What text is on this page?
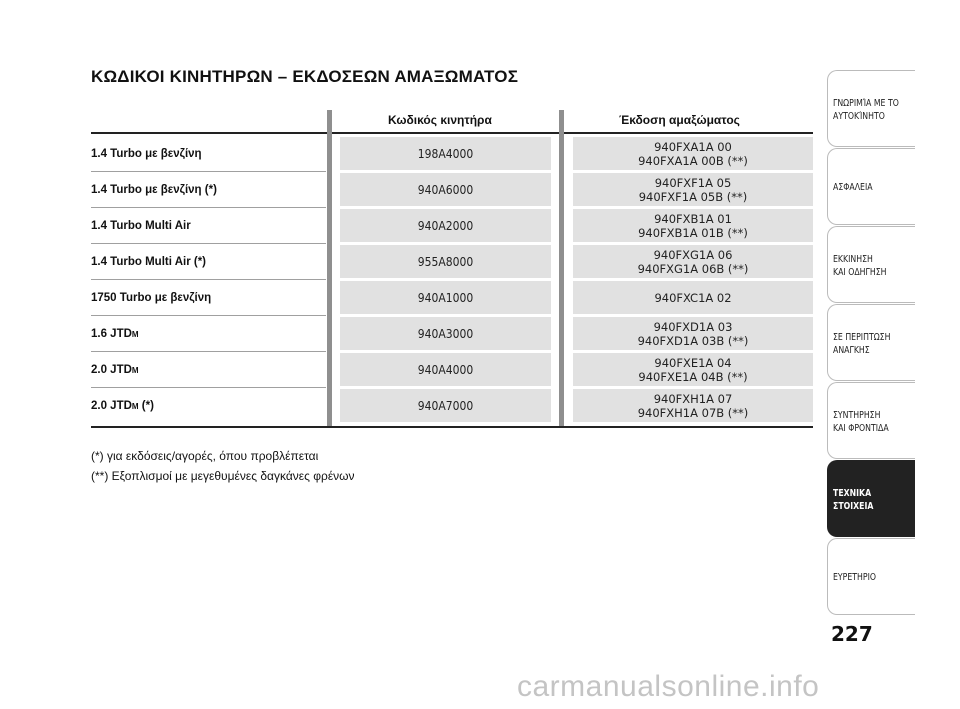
ΚΩΔΙΚΟΙ ΚΙΝΗΤΗΡΩΝ – ΕΚΔΟΣΕΩΝ ΑΜΑΞΩΜΑΤΟΣ
Κωδικός κινητήρα	Έκδοση αμαξώματος
1.4 Turbo με βενζίνη	198A4000	940FXA1A 00
940FXA1A 00B (**)
1.4 Turbo με βενζίνη (*)	940A6000	940FXF1A 05
940FXF1A 05B (**)
1.4 Turbo Multi Air	940A2000	940FXB1A 01
940FXB1A 01B (**)
1.4 Turbo Multi Air (*)	955A8000	940FXG1A 06
940FXG1A 06B (**)
1750 Turbo με βενζίνη	940A1000	940FXC1A 02
1.6 JTDM	940A3000	940FXD1A 03
940FXD1A 03B (**)
2.0 JTDM	940A4000	940FXE1A 04
940FXE1A 04B (**)
2.0 JTDM (*)	940A7000	940FXH1A 07
940FXH1A 07B (**)
(*) για εκδόσεις/αγορές, όπου προβλέπεται
(**) Εξοπλισμοί με μεγεθυμένες δαγκάνες φρένων
ΓΝΩΡΙΜΊΑ ΜΕ ΤΟ
ΑΥΤΟΚΊΝΗΤΟ
ΑΣΦΑΛΕΙΑ
ΕΚΚΙΝΗΣΗ
ΚΑΙ ΟΔΗΓΗΣΗ
ΣΕ ΠΕΡΙΠΤΩΣΗ
ΑΝΑΓΚΗΣ
ΣΥΝΤΗΡΗΣΗ
ΚΑΙ ΦΡΟΝΤΙΔΑ
ΤΕΧΝΙΚΑ
ΣΤΟΙΧΕΙΑ
ΕΥΡΕΤΗΡΙΟ
227
carmanualsonline.info
